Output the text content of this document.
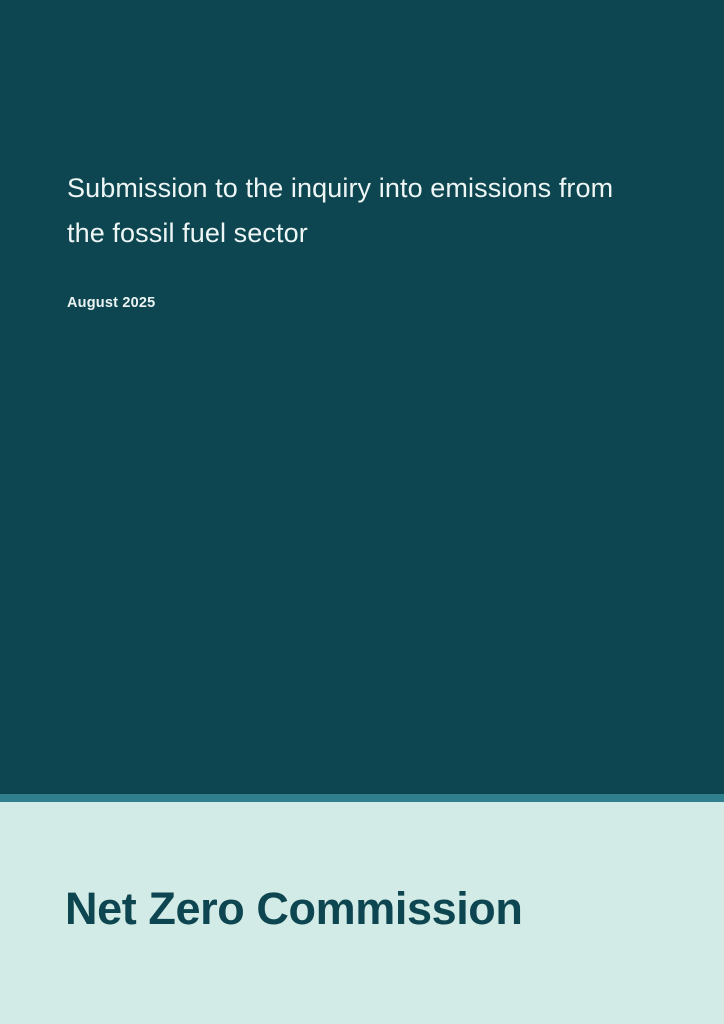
Submission to the inquiry into emissions from the fossil fuel sector

August 2025

Net Zero Commission
